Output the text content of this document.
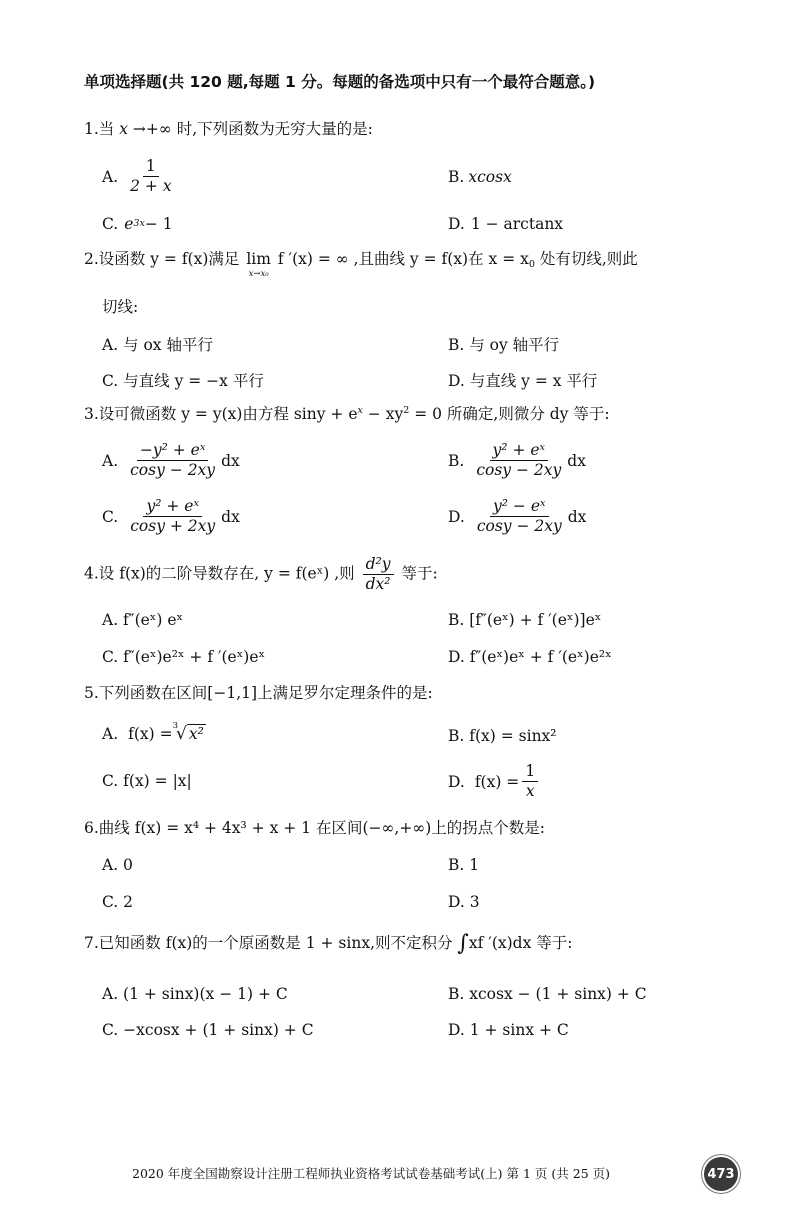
单项选择题(共 120 题,每题 1 分。每题的备选项中只有一个最符合题意。)
1.当 x →+∞ 时,下列函数为无穷大量的是:
A. $\frac{1}{2 + x}$	B. xcosx
C. e 3x − 1	D. 1 − arctanx
2.设函数 y = f(x)满足 lim
x→x₀
f ′(x) = ∞ ,且曲线 y = f(x)在 $x = x_0$ 处有切线,则此
切线:
A. 与 ox 轴平行	B. 与 oy 轴平行
C. 与直线 y = −x 平行	D. 与直线 y = x 平行
3.设可微函数 y = y(x)由方程 $\sin y + e^x - xy^2 = 0$ 所确定,则微分 dy 等于:
A. $\frac{\text{−y² + eˣ}}{\cos y - 2xy}$ dx	B. $\frac{\text{y² + eˣ}}{\cos y - 2xy}$ dx
C. $\frac{\text{y² + eˣ}}{\cos y + 2xy}$ dx	D. $\frac{\text{y² − eˣ}}{\cos y - 2xy}$ dx
4.设 f(x)的二阶导数存在, y = f(eˣ) ,则 $\frac{\text{d²y}}{\text{dx²}}$ 等于:
A. f″(eˣ) eˣ	B. [f″(eˣ) + f ′(eˣ)]eˣ
C. f″(eˣ)e²ˣ + f ′(eˣ)eˣ	D. f″(eˣ)eˣ + f ′(eˣ)e²ˣ
5.下列函数在区间[−1,1]上满足罗尔定理条件的是:
A. f(x) = 3
√ x²	B. f(x) = sinx²
C. f(x) = |x|	D. $f(x) = \frac{1}{x}$
6.曲线 f(x) = x⁴ + 4x³ + x + 1 在区间(−∞,+∞)上的拐点个数是:
A. 0	B. 1
C. 2	D. 3
7.已知函数 f(x)的一个原函数是 1 + sinx,则不定积分 ∫xf ′(x)dx 等于:
A. (1 + sinx)(x − 1) + C	B. xcosx − (1 + sinx) + C
C. −xcosx + (1 + sinx) + C	D. 1 + sinx + C
2020 年度全国勘察设计注册工程师执业资格考试试卷基础考试(上) 第 1 页 (共 25 页)	473
